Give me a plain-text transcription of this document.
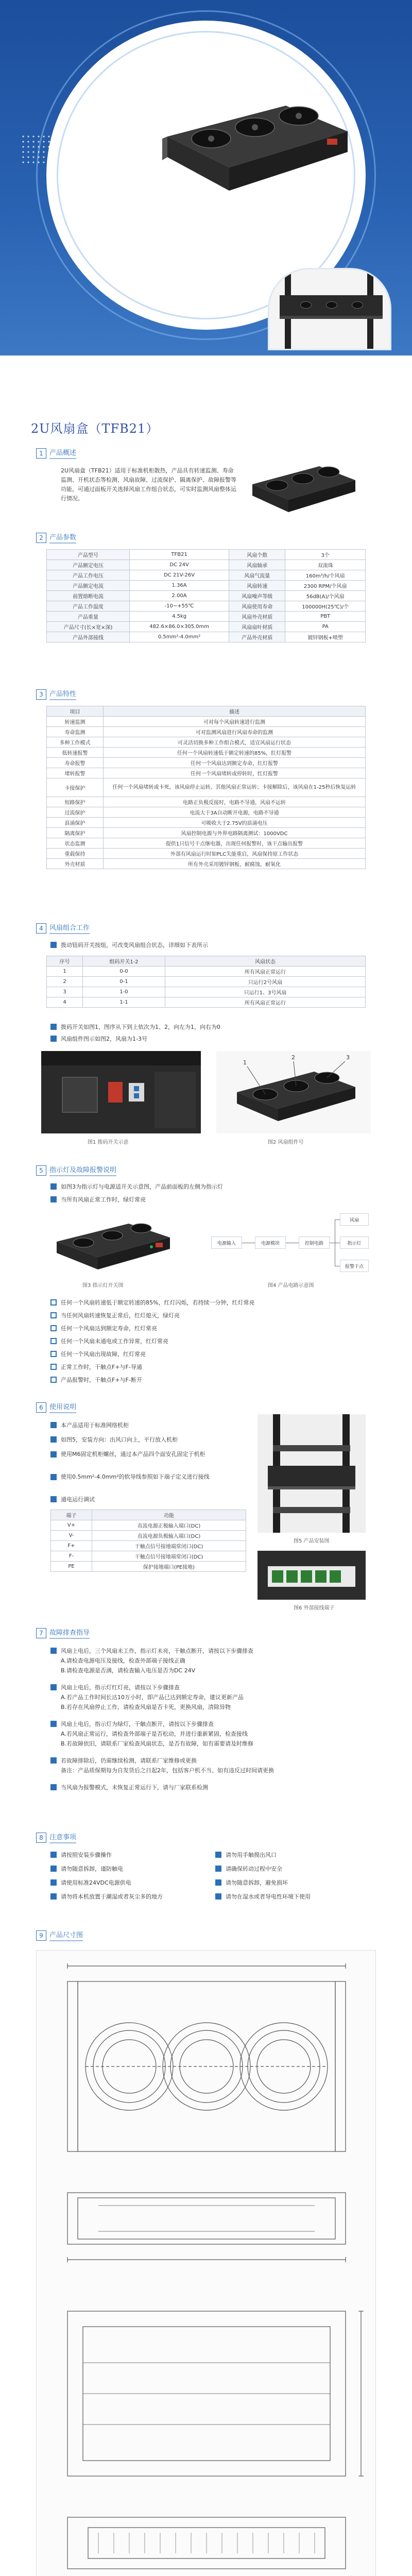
2U风扇盒（TFB21）
1 产品概述
2U风扇盒（TFB21）适用于标准机柜散热，产品具有转速监测、寿命监测、开机状态等检测、风扇故障、过流保护、隔离保护、故障报警等功能，可通过面板开关选择风扇工作组合状态，可实时监测风扇整体运行情况。
2 产品参数
产品型号	TFB21	风扇个数	3个
产品额定电压	DC 24V	风扇轴承	双滚珠
产品工作电压	DC 21V-26V	风扇气流量	160m³/h/个风扇
产品额定电流	1.36A	风扇转速	2300 RPM/个风扇
前置熔断电流	2.00A	风扇噪声等级	56dB(A)/个风扇
产品工作温度	-10~+55℃	风扇使用寿命	100000H(25℃)/个
产品重量	4.5kg	风扇外壳材质	PBT
产品尺寸(长×宽×深)	482.6×86.0×305.0mm	风扇扇叶材质	PA
产品外部接线	0.5mm²-4.0mm²	产品外壳材质	镀锌钢板+喷塑
3 产品特性
项目	描述
转速监测	可对每个风扇转速进行监测
寿命监测	可对监测风扇进行风扇寿命的监测
多种工作模式	可灵活切换多种工作组合模式，适宜风扇运行状态
低转速报警	任何一个风扇转速低于额定转速的85%，红灯报警
寿命报警	任何一个风扇达到额定寿命，红灯报警
堵转报警	任何一个风扇堵转或停转时，红灯报警
卡接保护	任何一个风扇堵转或卡死，该风扇停止运转，其他风扇正常运转；卡接解除后，该风扇在1-25秒后恢复运转
短路保护	电路正负极反接时，电路不导通，风扇不运转
过流保护	电流大于3A自动断开电源，电路不导通
浪涌保护	可吸收大于2.75V的浪涌电压
隔离保护	风扇控制电源与外界电路隔离测试：1000VDC
状态监测	提供1只信号干点继电器，出现任何报警时，该干点输出报警
重载保持	外部有风扇运行时如PLC失能重启，风扇保持原工作状态
外壳材质	所有外壳采用镀锌钢板，耐腐蚀，耐氧化
4 风扇组合工作
拨动钮码开关按组，可改变风扇组合状态，详细如下表所示
序号	组码开关1-2	风扇状态
1	0-0	所有风扇正常运行
2	0-1	只运行2号风扇
3	1-0	只运行1、3号风扇
4	1-1	所有风扇正常运行
拨码开关如图1，图序从下到上依次为1、2，向左为1，向右为0
风扇组件图示如图2，风扇为1-3号
图1 拨码开关示意
1
2	3
图2 风扇组件号
5 指示灯及故障报警说明
如图3为指示灯与电源适开关示意图，产品前面板的左侧为指示灯
当所有风扇正常工作时，绿灯常亮
图3 指示灯开关图
电源输入	电源模块	控制电路
风扇
指示灯
报警干点
图4 产品电路示意图
任何一个风扇转速低于额定转速的85%，红灯闪烁，若持续一分钟，红灯常亮
当任何风扇转速恢复正常后，红灯熄灭，绿灯亮
任何一个风扇达到额定寿命，红灯常亮
任何一个风扇未通电或工作异常，红灯常亮
任何一个风扇出现故障，红灯常亮
正常工作时，干触点F+与F-导通
产品报警时，干触点F+与F-断开
6 使用说明
本产品适用于标准网络机柜
如图5，安装方向：出风口向上，平行放入机柜
使用M6固定机柜螺丝，通过本产品四个面安孔固定于机柜
使用0.5mm²-4.0mm²的软导线参照如下端子定义进行接线
通电运行调试
图5 产品安装图
端子	功能
V+	直流电源正极输入端口(DC)
V-	直流电源负极输入端口(DC)
F+	干触点信号接地端常闭口(DC)
F-	干触点信号接地端常闭口(DC)
PE	保护接地端口(PE接地)
图6 外部接线端子
7 故障排查指导
风扇上电后，三个风扇未工作，指示灯未亮，干触点断开，请按以下步骤排查
A.请检查电源电压及接线，检查外部端子接线正确
B.请检查电源是否满，请检查输入电压是否为DC 24V
风扇上电后，指示灯红灯亮，请按以下步骤排查
A.若产品工作时间长达10万小时，即产品已达到额定寿命，建议更新产品
B.若存在风扇停止工作，请检查风扇是否卡死，更换风扇，清除异物
风扇上电后，指示灯为绿灯，干触点断开，请按以下步骤排查
A.若风扇正常运行，请检查外部端子是否松动，并进行重新紧固，检查接线
B.若故障依旧，请联系厂家检查风扇状态，是否有故障，如有需要请及时维修
若故障排除后，仍需继续检测，请联系厂家维修或更换
备注：产品质保期每为自发货后之日起2年，包括客户机不当、如有违反过时间请更换
当风扇为报警模式，未恢复正常运行下，请与厂家联系检测
8 注意事项
请按照安装步骤操作	请勿用手触摸出风口
请勿随意拆卸，谨防触电	请确保转动过程中安全
请使用标准24VDC电源供电	请勿随意拆卸，避免损坏
请勿将本机放置于潮湿或者灰尘多的地方	请勿在湿水或者导电性环境下使用
9 产品尺寸图
